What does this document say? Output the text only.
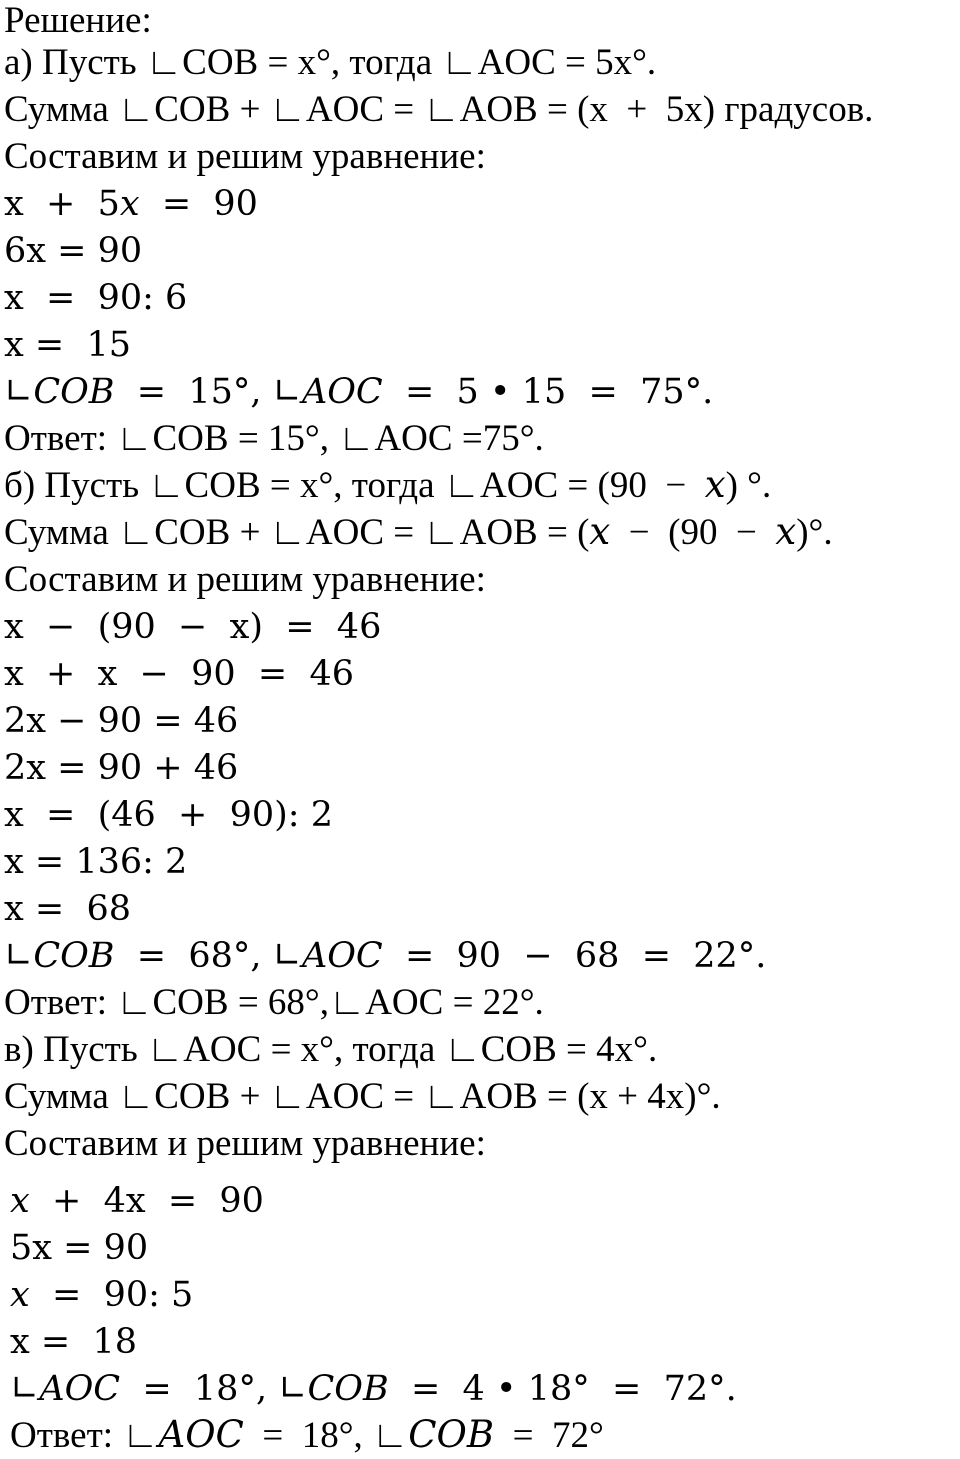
Решение:
а) Пусть ∟COB = x°, тогда ∟AOC = 5x°.
Сумма ∟COB + ∟AOC = ∟AOB = (x  +  5x) градусов.
Составим и решим уравнение:
x  +  5𝑥  =  90
6x = 90
x  =  90: 6
x =  15
∟𝐶𝑂𝐵  =  15°, ∟𝐴𝑂𝐶  =  5 • 15  =  75°.
Ответ: ∟COB = 15°, ∟AOC =75°.
б) Пусть ∟COB = x°, тогда ∟AOC = (90  −  𝑥) °.
Сумма ∟COB + ∟AOC = ∟AOB = (𝑥  −  (90  −  𝑥)°.
Составим и решим уравнение:
x  −  (90  −  x)  =  46
x  +  x  −  90  =  46
2x − 90 = 46
2x = 90 + 46
x  =  (46  +  90): 2
x = 136: 2
x =  68
∟𝐶𝑂𝐵  =  68°, ∟𝐴𝑂𝐶  =  90  −  68  =  22°.
Ответ: ∟COB = 68°,∟AOC = 22°.
в) Пусть ∟AOC = x°, тогда ∟COB = 4x°.
Сумма ∟COB + ∟AOC = ∟AOB = (x + 4x)°.
Составим и решим уравнение:
𝑥  +  4x  =  90
5x = 90
𝑥  =  90: 5
x =  18
∟𝐴𝑂𝐶  =  18°, ∟𝐶𝑂𝐵  =  4 • 18°  =  72°.
Ответ: ∟𝐴𝑂𝐶  =  18°, ∟𝐶𝑂𝐵  =  72°
